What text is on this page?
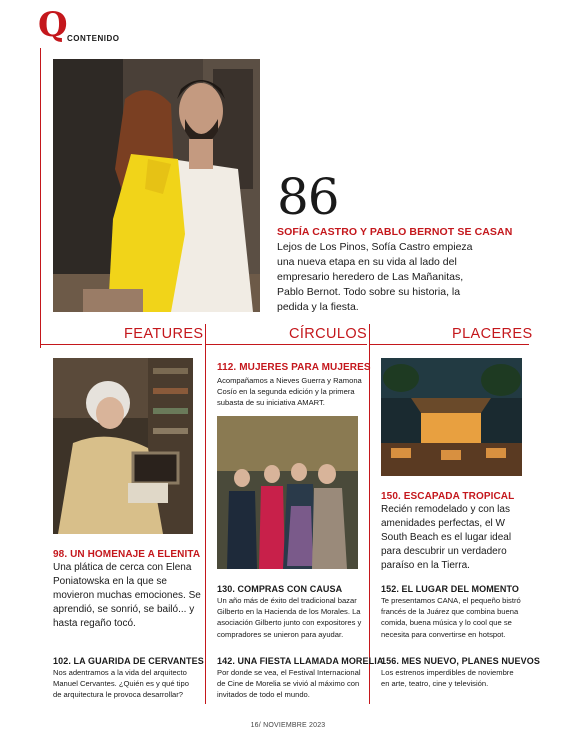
Q CONTENIDO
86
SOFÍA CASTRO Y PABLO BERNOT SE CASAN
Lejos de Los Pinos, Sofía Castro empieza una nueva etapa en su vida al lado del empresario heredero de Las Mañanitas, Pablo Bernot. Todo sobre su historia, la pedida y la fiesta.
FEATURES	CÍRCULOS	PLACERES
98. UN HOMENAJE A ELENITA
Una plática de cerca con Elena Poniatowska en la que se movieron muchas emociones. Se aprendió, se sonrió, se bailó... y hasta regaño tocó.
102. LA GUARIDA DE CERVANTES
Nos adentramos a la vida del arquitecto Manuel Cervantes. ¿Quién es y qué tipo de arquitectura le provoca desarrollar?
112. MUJERES PARA MUJERES
Acompañamos a Nieves Guerra y Ramona Cosío en la segunda edición y la primera subasta de su iniciativa AMART.
130. COMPRAS CON CAUSA
Un año más de éxito del tradicional bazar Gilberto en la Hacienda de los Morales. La asociación Gilberto junto con expositores y compradores se unieron para ayudar.
142. UNA FIESTA LLAMADA MORELIA
Por donde se vea, el Festival Internacional de Cine de Morelia se vivió al máximo con invitados de todo el mundo.
150. ESCAPADA TROPICAL
Recién remodelado y con las amenidades perfectas, el W South Beach es el lugar ideal para descubrir un verdadero paraíso en la Tierra.
152. EL LUGAR DEL MOMENTO
Te presentamos CANA, el pequeño bistró francés de la Juárez que combina buena comida, buena música y lo cool que se necesita para convertirse en hotspot.
156. MES NUEVO, PLANES NUEVOS
Los estrenos imperdibles de noviembre en arte, teatro, cine y televisión.
16/ NOVIEMBRE 2023
